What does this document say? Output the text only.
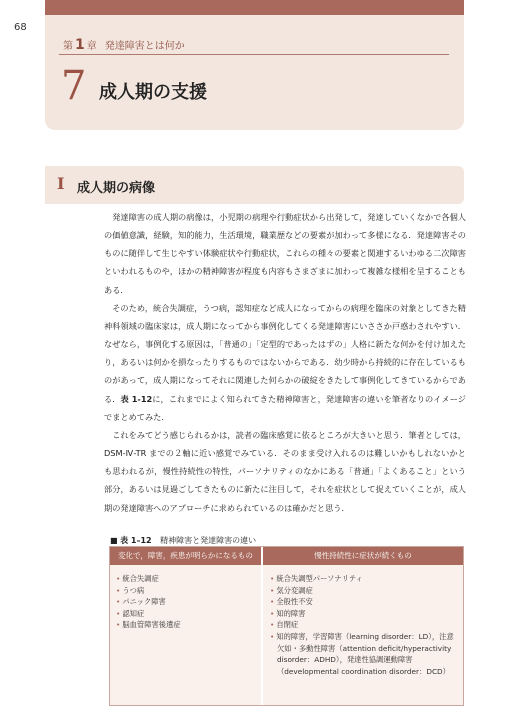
68
第 1 章 発達障害とは何か
7 成人期の支援
I 成人期の病像

発達障害の成人期の病像は，小児期の病理や行動症状から出発して，発達していくなかで各個人の価値意識，経験，知的能力，生活環境，職業歴などの要素が加わって多様になる．発達障害そのものに随伴して生じやすい体験症状や行動症状，これらの種々の要素と関連するいわゆる二次障害といわれるものや，ほかの精神障害が程度も内容もさまざまに加わって複雑な様相を呈することもある．

そのため，統合失調症，うつ病，認知症など成人になってからの病理を臨床の対象としてきた精神科領域の臨床家は，成人期になってから事例化してくる発達障害にいささか戸惑わされやすい．なぜなら，事例化する原因は，「普通の」「定型的であったはずの」人格に新たな何かを付け加えたり，あるいは何かを損なったりするものではないからである．幼少時から持続的に存在しているものがあって，成人期になってそれに関連した何らかの破綻をきたして事例化してきているからである．表 1-12に，これまでによく知られてきた精神障害と，発達障害の違いを筆者なりのイメージでまとめてみた．

これをみてどう感じられるかは，読者の臨床感覚に依るところが大きいと思う．筆者としては，DSM-Ⅳ-TR までの２軸に近い感覚でみている．そのまま受け入れるのは難しいかもしれないかとも思われるが，慢性持続性の特性，パーソナリティのなかにある「普通」「よくあること」という部分，あるいは見過ごしてきたものに新たに注目して，それを症状として捉えていくことが，成人期の発達障害へのアプローチに求められているのは確かだと思う．

■ 表 1–12 精神障害と発達障害の違い
変化で，障害，疾患が明らかになるもの	慢性持続性に症状が続くもの
• 統合失調症
• うつ病
• パニック障害
• 認知症
• 脳血管障害後遺症
• 統合失調型パーソナリティ
• 気分変調症
• 全般性不安
• 知的障害
• 自閉症
• 知的障害，学習障害（learning disorder：LD），注意欠如・多動性障害（attention deficit/hyperactivity disorder：ADHD），発達性協調運動障害（developmental coordination disorder：DCD）
